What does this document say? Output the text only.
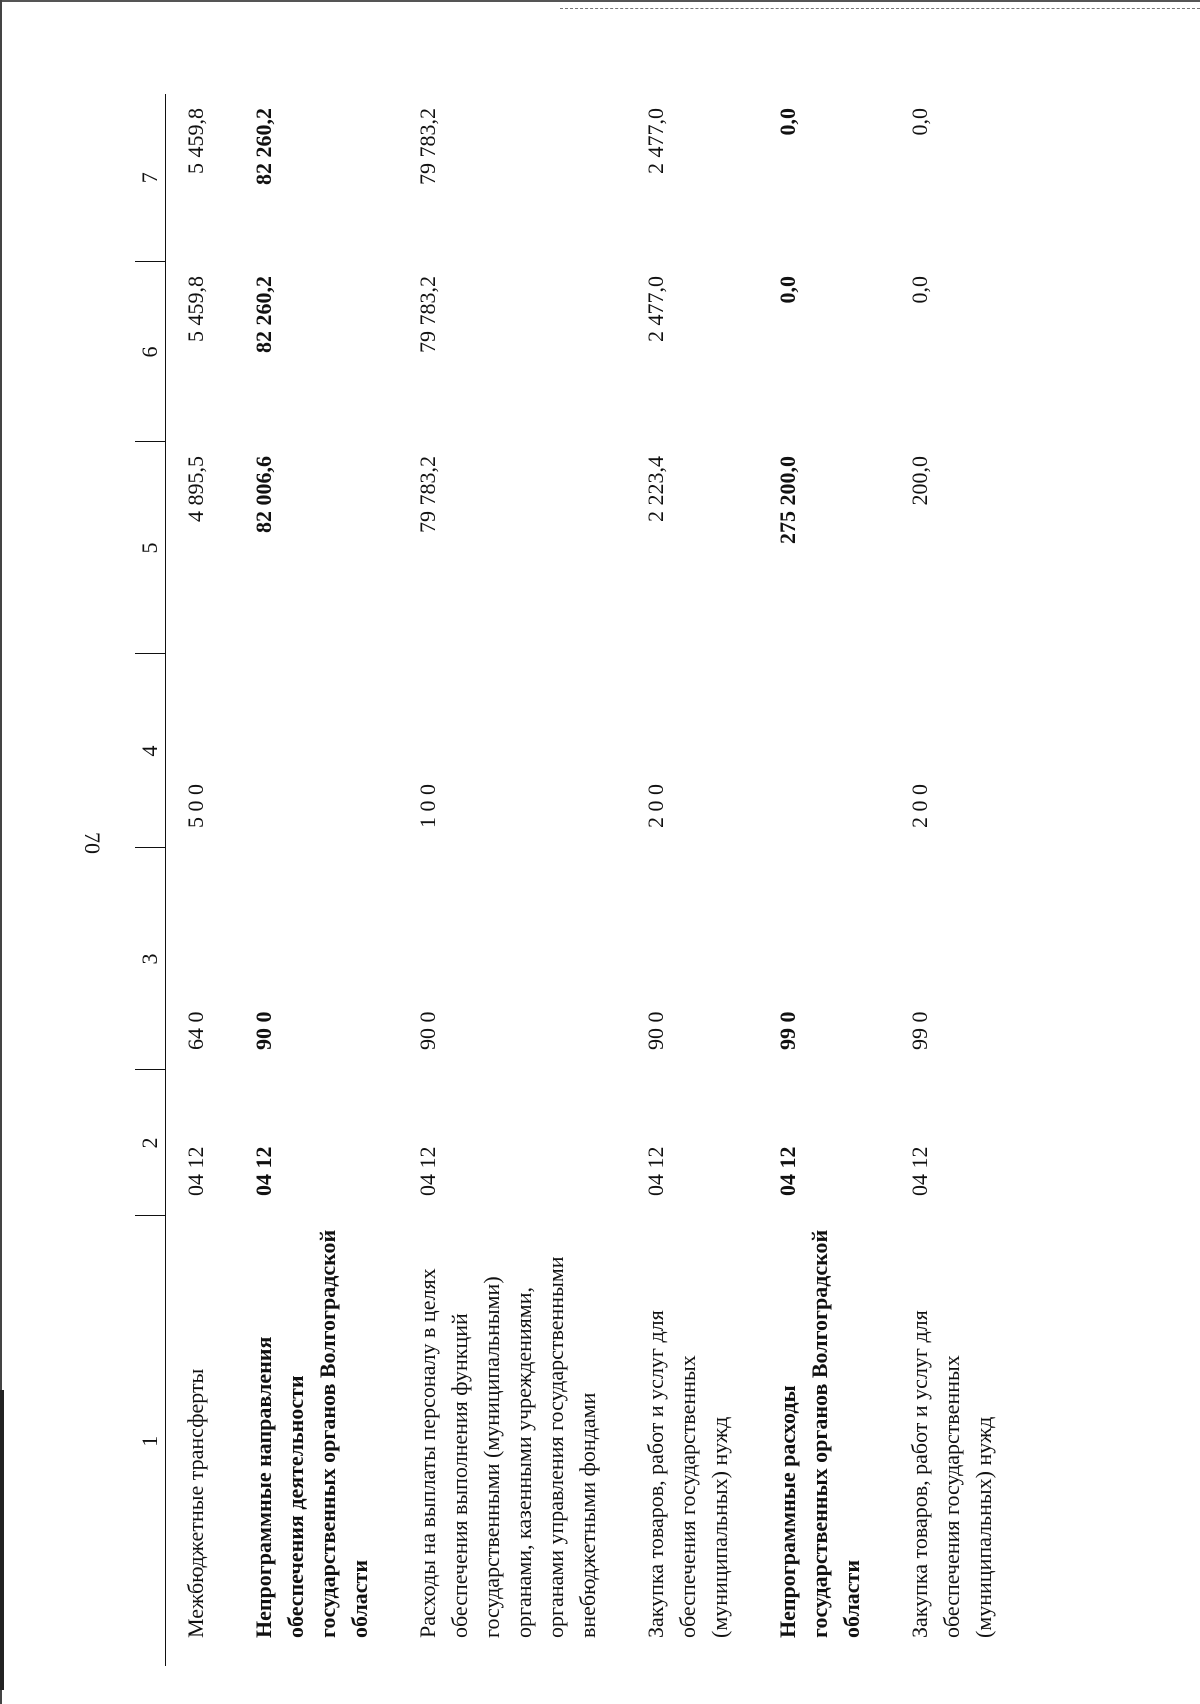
70
1	2	3	4	5	6	7
Межбюджетные трансферты	04 12	64 0	5 0 0	4 895,5	5 459,8	5 459,8
Непрограммные направления обеспечения деятельности государственных органов Волгоградской области	04 12	90 0		82 006,6	82 260,2	82 260,2
Расходы на выплаты персоналу в целях обеспечения выполнения функций государственными (муниципальными) органами, казенными учреждениями, органами управления государственными внебюджетными фондами	04 12	90 0	1 0 0	79 783,2	79 783,2	79 783,2
Закупка товаров, работ и услуг для обеспечения государственных (муниципальных) нужд	04 12	90 0	2 0 0	2 223,4	2 477,0	2 477,0
Непрограммные расходы государственных органов Волгоградской области	04 12	99 0		275 200,0	0,0	0,0
Закупка товаров, работ и услуг для обеспечения государственных (муниципальных) нужд	04 12	99 0	2 0 0	200,0	0,0	0,0
